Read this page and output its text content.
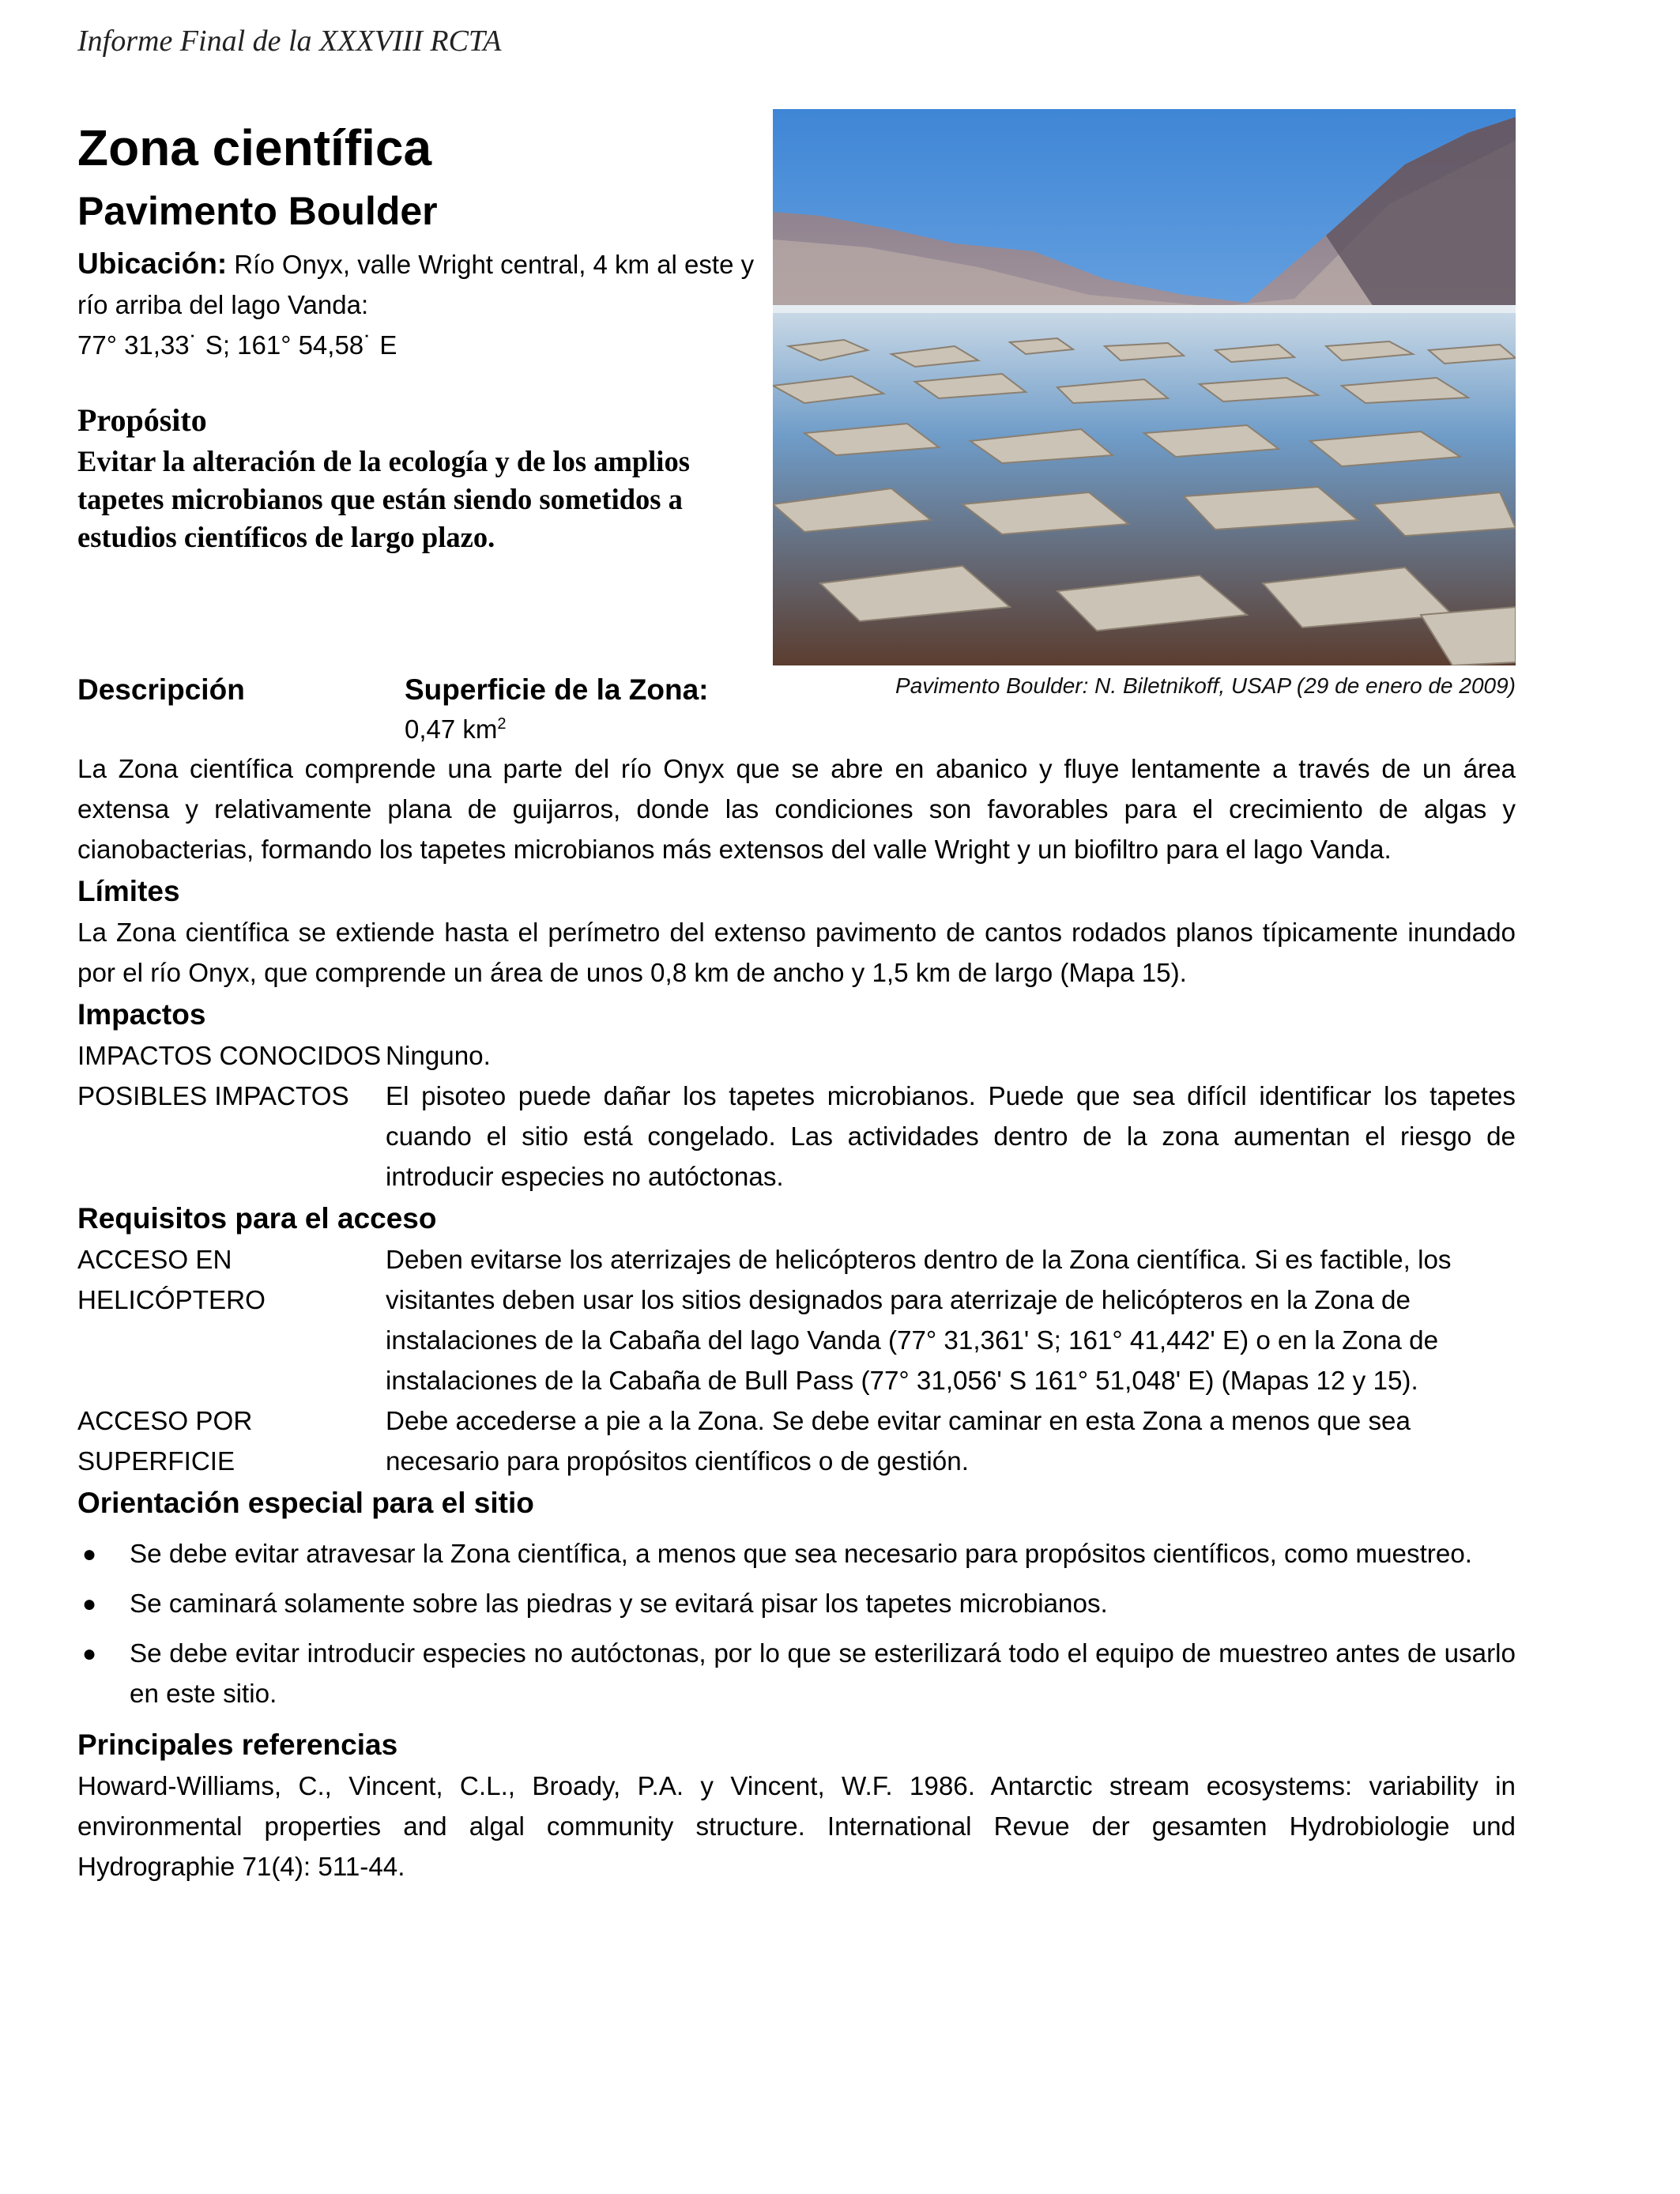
Informe Final de la XXXVIII RCTA
Zona científica
Pavimento Boulder
Ubicación: Río Onyx, valle Wright central, 4 km al este y río arriba del lago Vanda:
77° 31,33˙ S; 161° 54,58˙ E
Propósito
Evitar la alteración de la ecología y de los amplios tapetes microbianos que están siendo sometidos a estudios científicos de largo plazo.
Pavimento Boulder: N. Biletnikoff, USAP (29 de enero de 2009)
Descripción	Superficie de la Zona:
0,47 $km^2$

La Zona científica comprende una parte del río Onyx que se abre en abanico y fluye lentamente a través de un área extensa y relativamente plana de guijarros, donde las condiciones son favorables para el crecimiento de algas y cianobacterias, formando los tapetes microbianos más extensos del valle Wright y un biofiltro para el lago Vanda.

Límites

La Zona científica se extiende hasta el perímetro del extenso pavimento de cantos rodados planos típicamente inundado por el río Onyx, que comprende un área de unos 0,8 km de ancho y 1,5 km de largo (Mapa 15).

Impactos

IMPACTOS CONOCIDOS Ninguno.

POSIBLES IMPACTOS	El pisoteo puede dañar los tapetes microbianos. Puede que sea difícil identificar los tapetes cuando el sitio está congelado. Las actividades dentro de la zona aumentan el riesgo de introducir especies no autóctonas.

Requisitos para el acceso

ACCESO EN HELICÓPTERO

Deben evitarse los aterrizajes de helicópteros dentro de la Zona científica. Si es factible, los visitantes deben usar los sitios designados para aterrizaje de helicópteros en la Zona de instalaciones de la Cabaña del lago Vanda (77° 31,361' S; 161° 41,442' E) o en la Zona de instalaciones de la Cabaña de Bull Pass (77° 31,056' S 161° 51,048' E) (Mapas 12 y 15).

ACCESO POR SUPERFICIE

Debe accederse a pie a la Zona. Se debe evitar caminar en esta Zona a menos que sea necesario para propósitos científicos o de gestión.

Orientación especial para el sitio
● Se debe evitar atravesar la Zona científica, a menos que sea necesario para propósitos científicos, como muestreo.
● Se caminará solamente sobre las piedras y se evitará pisar los tapetes microbianos.
● Se debe evitar introducir especies no autóctonas, por lo que se esterilizará todo el equipo de muestreo antes de usarlo en este sitio.
Principales referencias

Howard-Williams, C., Vincent, C.L., Broady, P.A. y Vincent, W.F. 1986. Antarctic stream ecosystems: variability in environmental properties and algal community structure. International Revue der gesamten Hydrobiologie und Hydrographie 71(4): 511-44.
